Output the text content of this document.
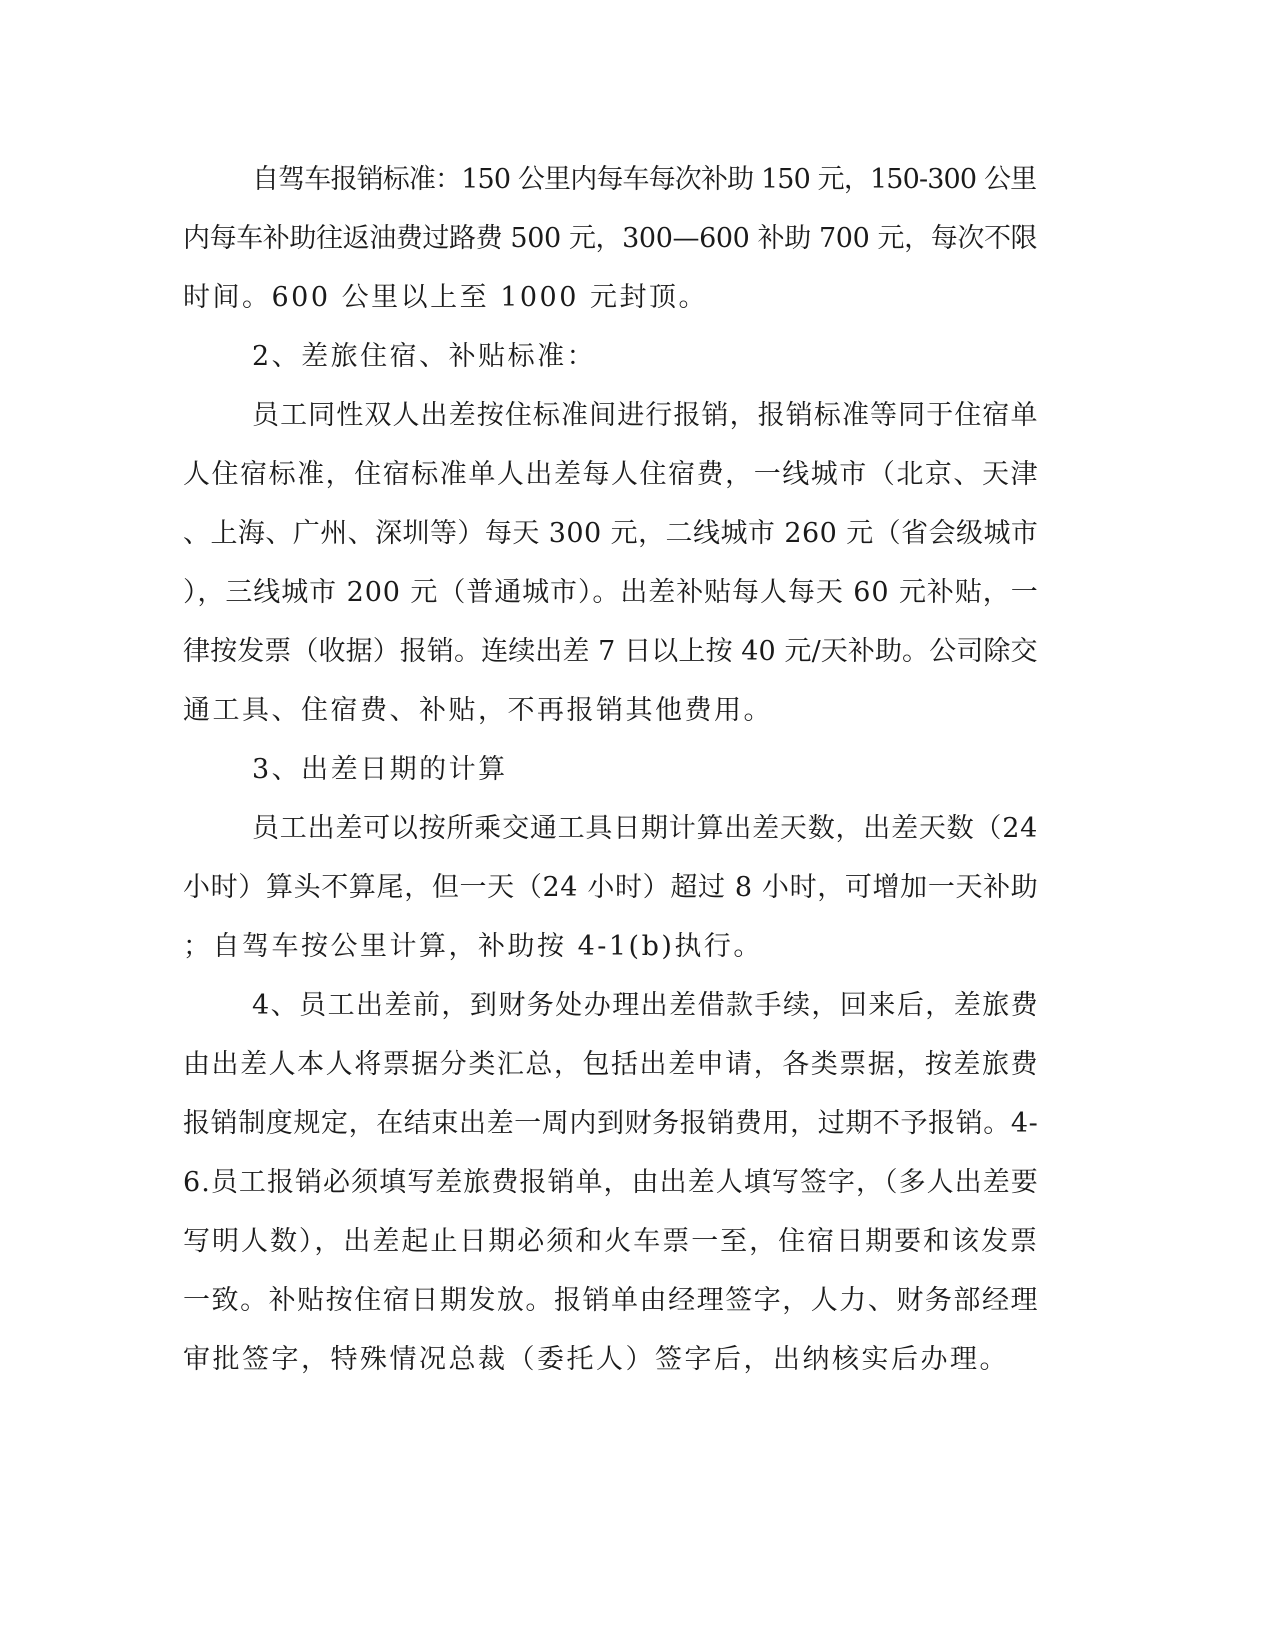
自驾车报销标准：150 公里内每车每次补助 150 元，150-300 公里
内每车补助往返油费过路费 500 元，300—600 补助 700 元，每次不限
时间。600 公里以上至 1000 元封顶。
2、差旅住宿、补贴标准：
员工同性双人出差按住标准间进行报销，报销标准等同于住宿单
人住宿标准，住宿标准单人出差每人住宿费，一线城市（北京、天津
、上海、广州、深圳等）每天 300 元，二线城市 260 元（省会级城市
），三线城市 200 元（普通城市）。出差补贴每人每天 60 元补贴，一
律按发票（收据）报销。连续出差 7 日以上按 40 元/天补助。公司除交
通工具、住宿费、补贴，不再报销其他费用。
3、出差日期的计算
员工出差可以按所乘交通工具日期计算出差天数，出差天数（24
小时）算头不算尾，但一天（24 小时）超过 8 小时，可增加一天补助
；自驾车按公里计算，补助按 4-1(b)执行。
4、员工出差前，到财务处办理出差借款手续，回来后，差旅费
由出差人本人将票据分类汇总，包括出差申请，各类票据，按差旅费
报销制度规定，在结束出差一周内到财务报销费用，过期不予报销。4-
6.员工报销必须填写差旅费报销单，由出差人填写签字，（多人出差要
写明人数），出差起止日期必须和火车票一至，住宿日期要和该发票
一致。补贴按住宿日期发放。报销单由经理签字，人力、财务部经理
审批签字，特殊情况总裁（委托人）签字后，出纳核实后办理。
